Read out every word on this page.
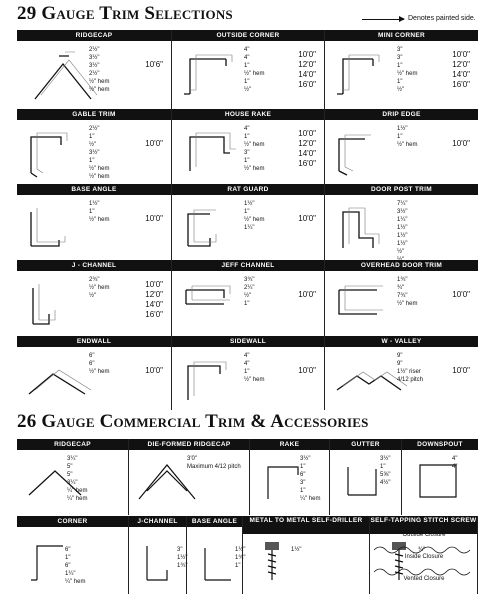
29 Gauge Trim Selections	Denotes painted side.
RIDGECAP
2½"
3½"
3½"
2½"
½" hem
½" hem
10'6"
OUTSIDE CORNER
4"
4"
1"
½" hem
1"
½"
10'0"
12'0"
14'0"
16'0"
MINI CORNER
3"
3"
1"
½" hem
1"
½"
10'0"
12'0"
14'0"
16'0"
GABLE TRIM
2½"
1"
½"
3½"
1"
½" hem
½" hem
10'0"
HOUSE RAKE
4"
1"
½" hem
3"
1"
½" hem
10'0"
12'0"
14'0"
16'0"
DRIP EDGE
1½"
1"
½" hem	10'0"
BASE ANGLE
1½"
1"
½" hem	10'0"
RAT GUARD
1½"
1"
½" hem
1¼"
10'0"
DOOR POST TRIM
7¼"
3½"
1¼"
1½"
1½"
1½"
½"
J - CHANNEL
2¾"
½" hem
½"
10'0"
12'0"
14'0"
16'0"
JEFF CHANNEL
3¾"
2¼"
½"
1"
10'0"
OVERHEAD DOOR TRIM
1¾"
¾"
7¾"
½" hem
10'0"
ENDWALL
6"
6"
½" hem	10'0"
SIDEWALL
4"
4"
1"
½" hem
10'0"
W - VALLEY
9"
9"
1½" riser
4/12 pitch
10'0"
26 Gauge Commercial Trim & Accessories
RIDGECAP
3¼"
5"
5"
3¼"
¼" hem
¼" hem
DIE-FORMED RIDGECAP
3'0"
Maximum 4/12 pitch
RAKE
3½"
1"
6"
3"
1"
¼" hem
GUTTER
3½"
1"
5⅝"
4½"
DOWNSPOUT
4"
4"
CORNER
6"
1"
6"
1¼"
¼" hem
J-CHANNEL
3"
1½"
1¾"
BASE ANGLE
1½"
1¾"
1"
METAL TO METAL SELF-DRILLER
1½"
SELF-TAPPING STITCH SCREW
¾"
Outside Closure
Inside Closure
Vented Closure
